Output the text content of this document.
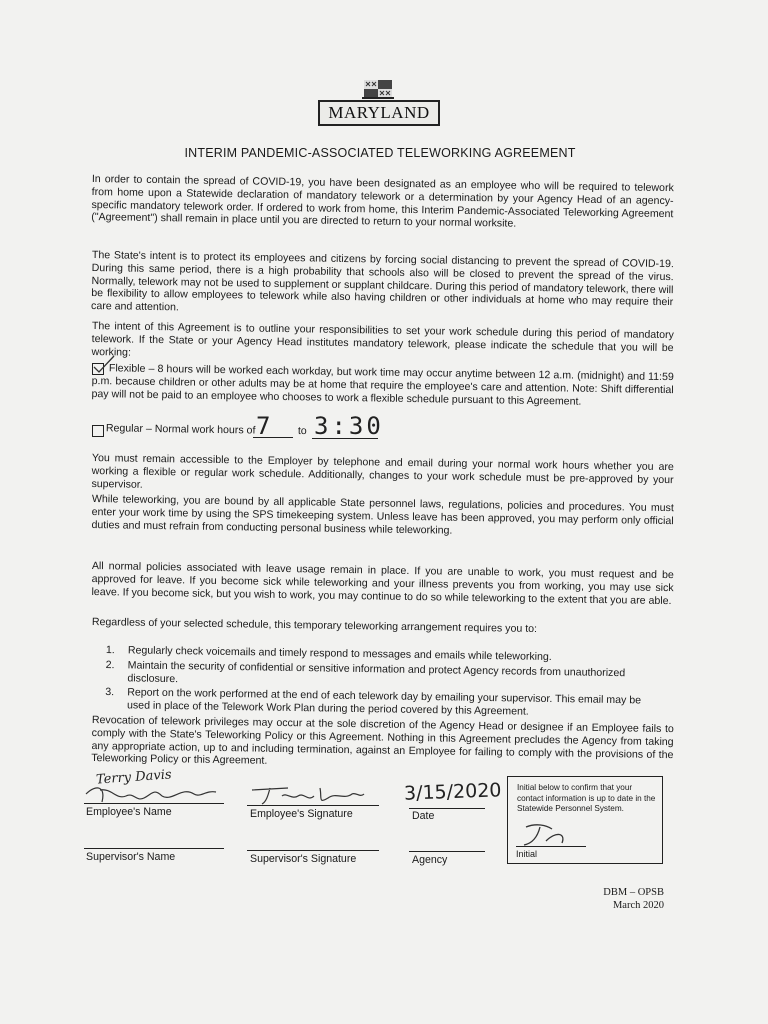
MARYLAND
INTERIM PANDEMIC-ASSOCIATED TELEWORKING AGREEMENT
In order to contain the spread of COVID-19, you have been designated as an employee who will be required to telework from home upon a Statewide declaration of mandatory telework or a determination by your Agency Head of an agency-specific mandatory telework order. If ordered to work from home, this Interim Pandemic-Associated Teleworking Agreement ("Agreement") shall remain in place until you are directed to return to your normal worksite.
The State's intent is to protect its employees and citizens by forcing social distancing to prevent the spread of COVID-19. During this same period, there is a high probability that schools also will be closed to prevent the spread of the virus. Normally, telework may not be used to supplement or supplant childcare. During this period of mandatory telework, there will be flexibility to allow employees to telework while also having children or other individuals at home who may require their care and attention.
The intent of this Agreement is to outline your responsibilities to set your work schedule during this period of mandatory telework. If the State or your Agency Head institutes mandatory telework, please indicate the schedule that you will be working:
Flexible – 8 hours will be worked each workday, but work time may occur anytime between 12 a.m. (midnight) and 11:59 p.m. because children or other adults may be at home that require the employee's care and attention. Note: Shift differential pay will not be paid to an employee who chooses to work a flexible schedule pursuant to this Agreement.
Regular – Normal work hours of 7	to 3:30
You must remain accessible to the Employer by telephone and email during your normal work hours whether you are working a flexible or regular work schedule. Additionally, changes to your work schedule must be pre-approved by your supervisor.
While teleworking, you are bound by all applicable State personnel laws, regulations, policies and procedures. You must enter your work time by using the SPS timekeeping system. Unless leave has been approved, you may perform only official duties and must refrain from conducting personal business while teleworking.
All normal policies associated with leave usage remain in place. If you are unable to work, you must request and be approved for leave. If you become sick while teleworking and your illness prevents you from working, you may use sick leave. If you become sick, but you wish to work, you may continue to do so while teleworking to the extent that you are able.
Regardless of your selected schedule, this temporary teleworking arrangement requires you to:
1. Regularly check voicemails and timely respond to messages and emails while teleworking.
2. Maintain the security of confidential or sensitive information and protect Agency records from unauthorized disclosure.
3. Report on the work performed at the end of each telework day by emailing your supervisor. This email may be used in place of the Telework Work Plan during the period covered by this Agreement.
Revocation of telework privileges may occur at the sole discretion of the Agency Head or designee if an Employee fails to comply with the State's Teleworking Policy or this Agreement. Nothing in this Agreement precludes the Agency from taking any appropriate action, up to and including termination, against an Employee for failing to comply with the provisions of the Teleworking Policy or this Agreement.
Terry Davis
3/15/2020
Employee's Name	Employee's Signature	Date
Supervisor's Name	Supervisor's Signature	Agency
Initial below to confirm that your contact information is up to date in the Statewide Personnel System.
Initial
DBM – OPSB
March 2020
